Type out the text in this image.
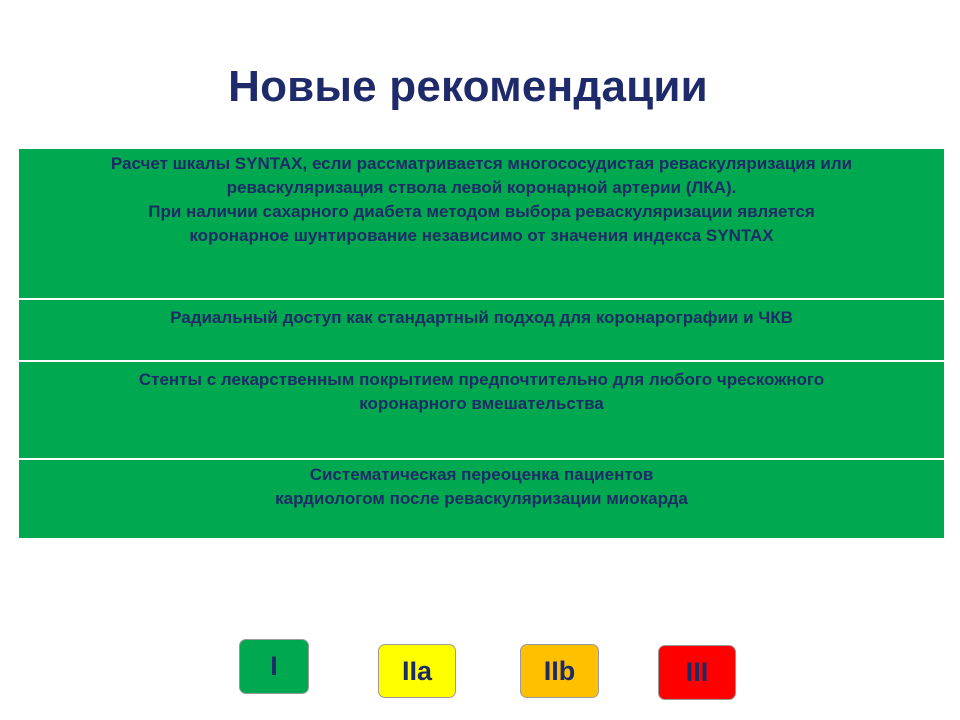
Новые рекомендации
Расчет шкалы SYNTAX, если рассматривается многососудистая реваскуляризация или
реваскуляризация ствола левой коронарной артерии (ЛКА).
При наличии сахарного диабета методом выбора реваскуляризации является
коронарное шунтирование независимо от значения индекса SYNTAX
Радиальный доступ как стандартный подход для коронарографии и ЧКВ
Стенты с лекарственным покрытием предпочтительно для любого чрескожного
коронарного вмешательства
Систематическая переоценка пациентов
кардиологом после реваскуляризации миокарда
I	IIa	IIb	III
